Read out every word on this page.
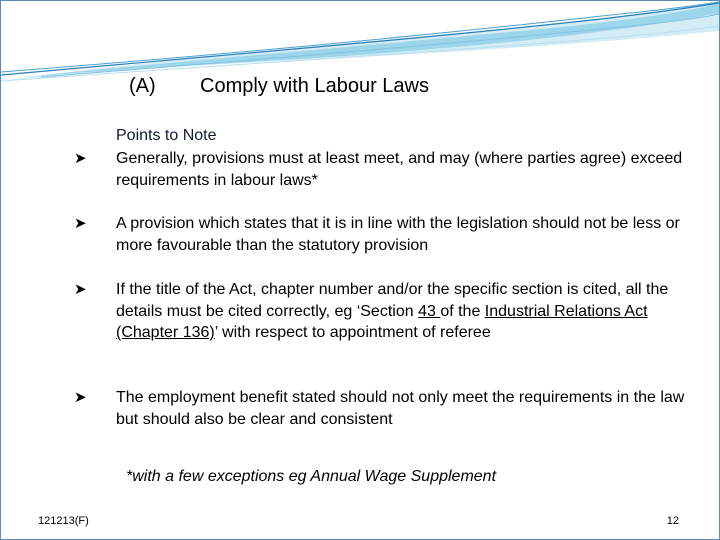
(A) Comply with Labour Laws
Points to Note
➤ Generally, provisions must at least meet, and may (where parties agree) exceed requirements in labour laws*
➤ A provision which states that it is in line with the legislation should not be less or more favourable than the statutory provision
➤ If the title of the Act, chapter number and/or the specific section is cited, all the details must be cited correctly, eg ‘Section 43 of the Industrial Relations Act (Chapter 136)’ with respect to appointment of referee
➤ The employment benefit stated should not only meet the requirements in the law but should also be clear and consistent
*with a few exceptions eg Annual Wage Supplement
121213(F)	12
